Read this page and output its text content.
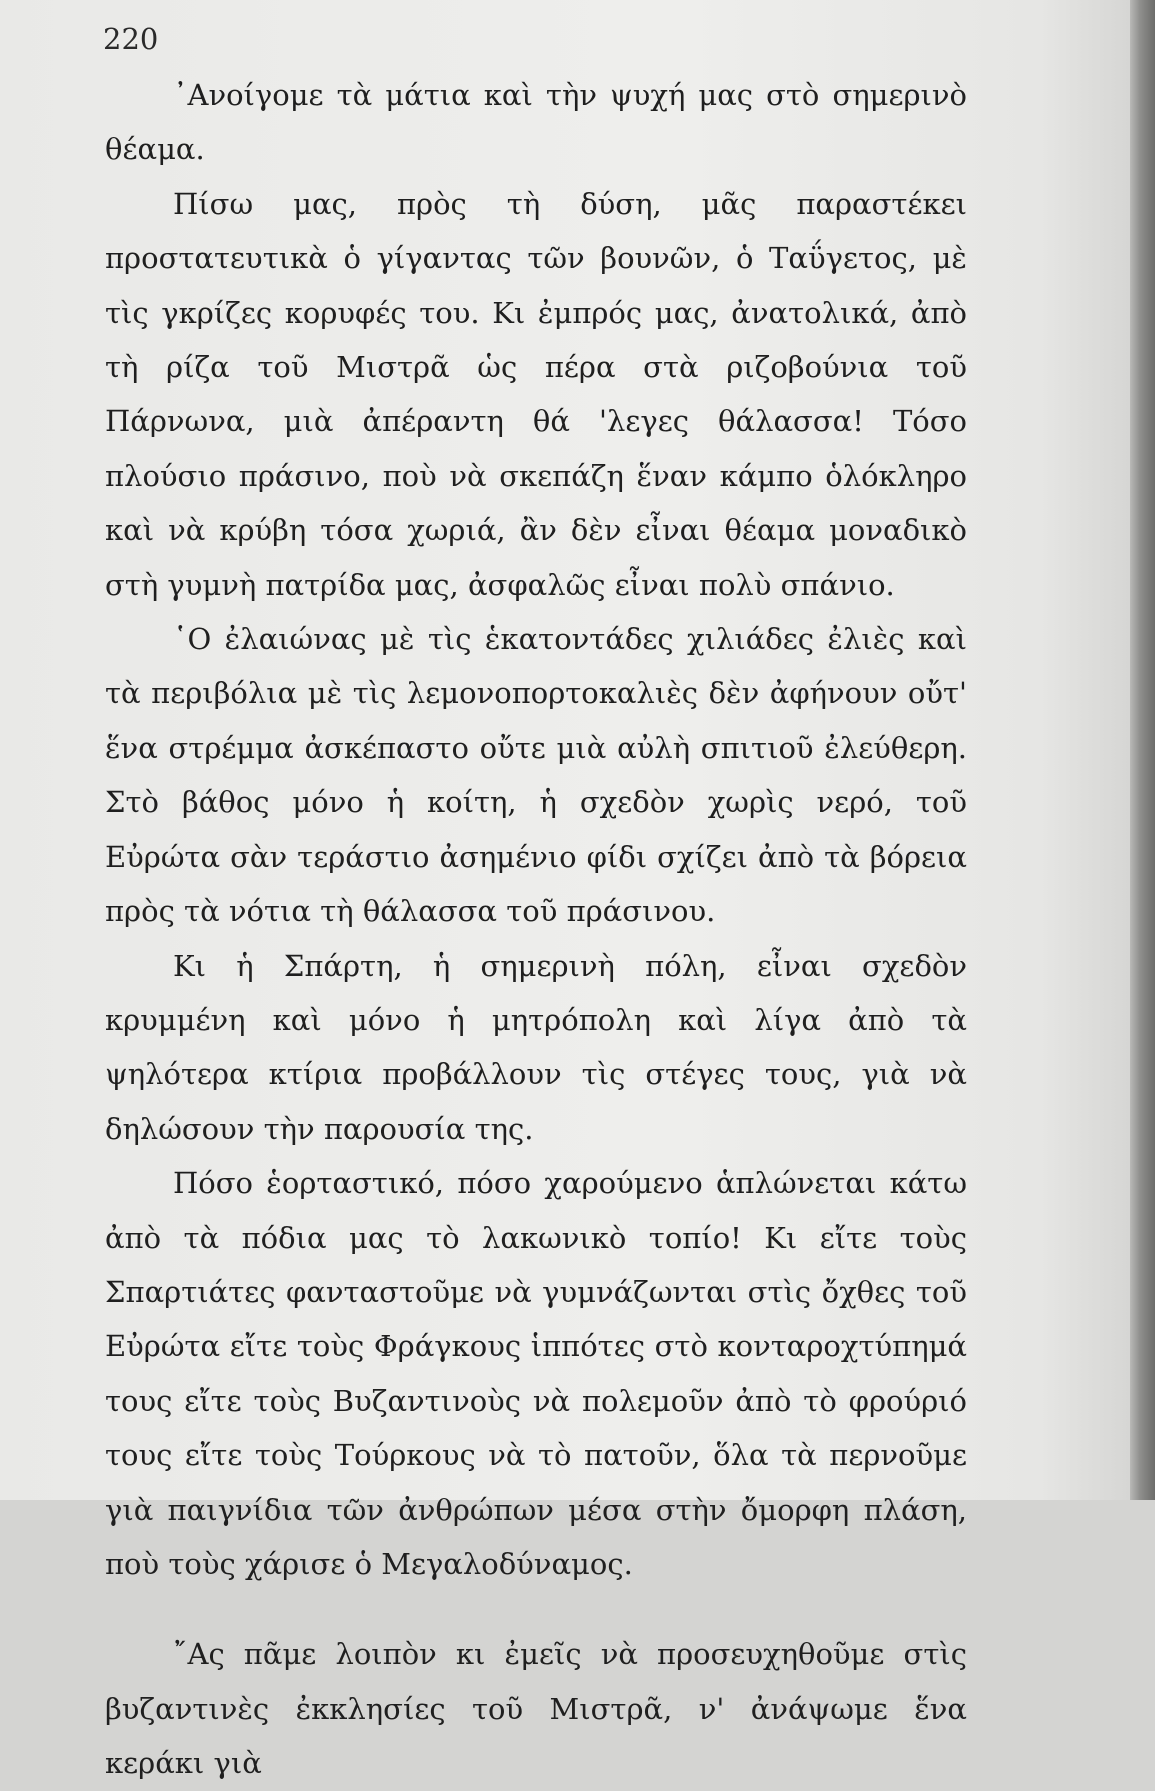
220

᾿Ανοίγομε τὰ μάτια καὶ τὴν ψυχή μας στὸ σημερινὸ θέαμα.

Πίσω μας, πρὸς τὴ δύση, μᾶς παραστέκει προστατευτικὰ ὁ γίγαντας τῶν βουνῶν, ὁ Ταΰγετος, μὲ τὶς γκρίζες κορυφές του. Κι ἐμπρός μας, ἀνατολικά, ἀπὸ τὴ ρίζα τοῦ Μιστρᾶ ὡς πέρα στὰ ριζοβούνια τοῦ Πάρνωνα, μιὰ ἀπέραντη θά 'λεγες θάλασσα! Τόσο πλούσιο πράσινο, ποὺ νὰ σκεπάζη ἕναν κάμπο ὁλόκληρο καὶ νὰ κρύβη τόσα χωριά, ἂν δὲν εἶναι θέαμα μοναδικὸ στὴ γυμνὴ πατρίδα μας, ἀσφαλῶς εἶναι πολὺ σπάνιο.

῾Ο ἐλαιώνας μὲ τὶς ἑκατοντάδες χιλιάδες ἐλιὲς καὶ τὰ περιβόλια μὲ τὶς λεμονοπορτοκαλιὲς δὲν ἀφήνουν οὔτ' ἕνα στρέμμα ἀσκέπαστο οὔτε μιὰ αὐλὴ σπιτιοῦ ἐλεύθερη. Στὸ βάθος μόνο ἡ κοίτη, ἡ σχεδὸν χωρὶς νερό, τοῦ Εὐρώτα σὰν τεράστιο ἀσημένιο φίδι σχίζει ἀπὸ τὰ βόρεια πρὸς τὰ νότια τὴ θάλασσα τοῦ πράσινου.

Κι ἡ Σπάρτη, ἡ σημερινὴ πόλη, εἶναι σχεδὸν κρυμμένη καὶ μόνο ἡ μητρόπολη καὶ λίγα ἀπὸ τὰ ψηλότερα κτίρια προβάλλουν τὶς στέγες τους, γιὰ νὰ δηλώσουν τὴν παρουσία της.

Πόσο ἑορταστικό, πόσο χαρούμενο ἁπλώνεται κάτω ἀπὸ τὰ πόδια μας τὸ λακωνικὸ τοπίο! Κι εἴτε τοὺς Σπαρτιάτες φανταστοῦμε νὰ γυμνάζωνται στὶς ὄχθες τοῦ Εὐρώτα εἴτε τοὺς Φράγκους ἱππότες στὸ κονταροχτύπημά τους εἴτε τοὺς Βυζαντινοὺς νὰ πολεμοῦν ἀπὸ τὸ φρούριό τους εἴτε τοὺς Τούρκους νὰ τὸ πατοῦν, ὅλα τὰ περνοῦμε γιὰ παιγνίδια τῶν ἀνθρώπων μέσα στὴν ὄμορφη πλάση, ποὺ τοὺς χάρισε ὁ Μεγαλοδύναμος.

῎Ας πᾶμε λοιπὸν κι ἐμεῖς νὰ προσευχηθοῦμε στὶς βυζαντινὲς ἐκκλησίες τοῦ Μιστρᾶ, ν' ἀνάψωμε ἕνα κεράκι γιὰ
